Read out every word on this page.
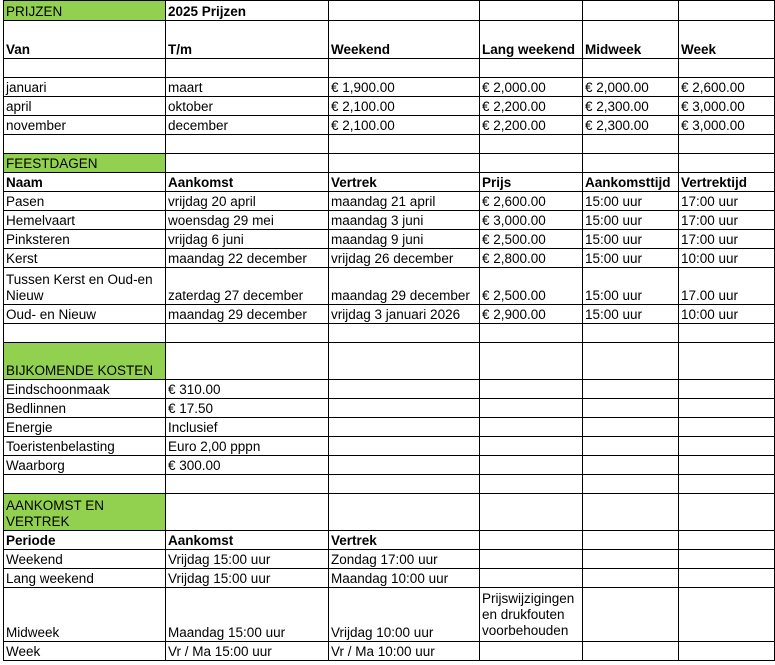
PRIJZEN	2025 Prijzen				
Van	T/m	Weekend	Lang weekend	Midweek	Week

januari	maart	€ 1,900.00	€ 2,000.00	€ 2,000.00	€ 2,600.00
april	oktober	€ 2,100.00	€ 2,200.00	€ 2,300.00	€ 3,000.00
november	december	€ 2,100.00	€ 2,200.00	€ 2,300.00	€ 3,000.00

FEESTDAGEN					
Naam	Aankomst	Vertrek	Prijs	Aankomsttijd	Vertrektijd
Pasen	vrijdag 20 april	maandag 21 april	€ 2,600.00	15:00 uur	17:00 uur
Hemelvaart	woensdag 29 mei	maandag 3 juni	€ 3,000.00	15:00 uur	17:00 uur
Pinksteren	vrijdag 6 juni	maandag 9 juni	€ 2,500.00	15:00 uur	17:00 uur
Kerst	maandag 22 december	vrijdag 26 december	€ 2,800.00	15:00 uur	10:00 uur
Tussen Kerst en Oud-en Nieuw	zaterdag 27 december	maandag 29 december	€ 2,500.00	15:00 uur	17.00 uur
Oud- en Nieuw	maandag 29 december	vrijdag 3 januari 2026	€ 2,900.00	15:00 uur	10:00 uur

BIJKOMENDE KOSTEN					
Eindschoonmaak	€ 310.00				
Bedlinnen	€ 17.50				
Energie	Inclusief				
Toeristenbelasting	Euro 2,00 pppn				
Waarborg	€ 300.00				

AANKOMST EN VERTREK					
Periode	Aankomst	Vertrek			
Weekend	Vrijdag 15:00 uur	Zondag 17:00 uur			
Lang weekend	Vrijdag 15:00 uur	Maandag 10:00 uur			
Midweek	Maandag 15:00 uur	Vrijdag 10:00 uur	Prijswijzigingen en drukfouten voorbehouden		
Week	Vr / Ma 15:00 uur	Vr / Ma 10:00 uur			
